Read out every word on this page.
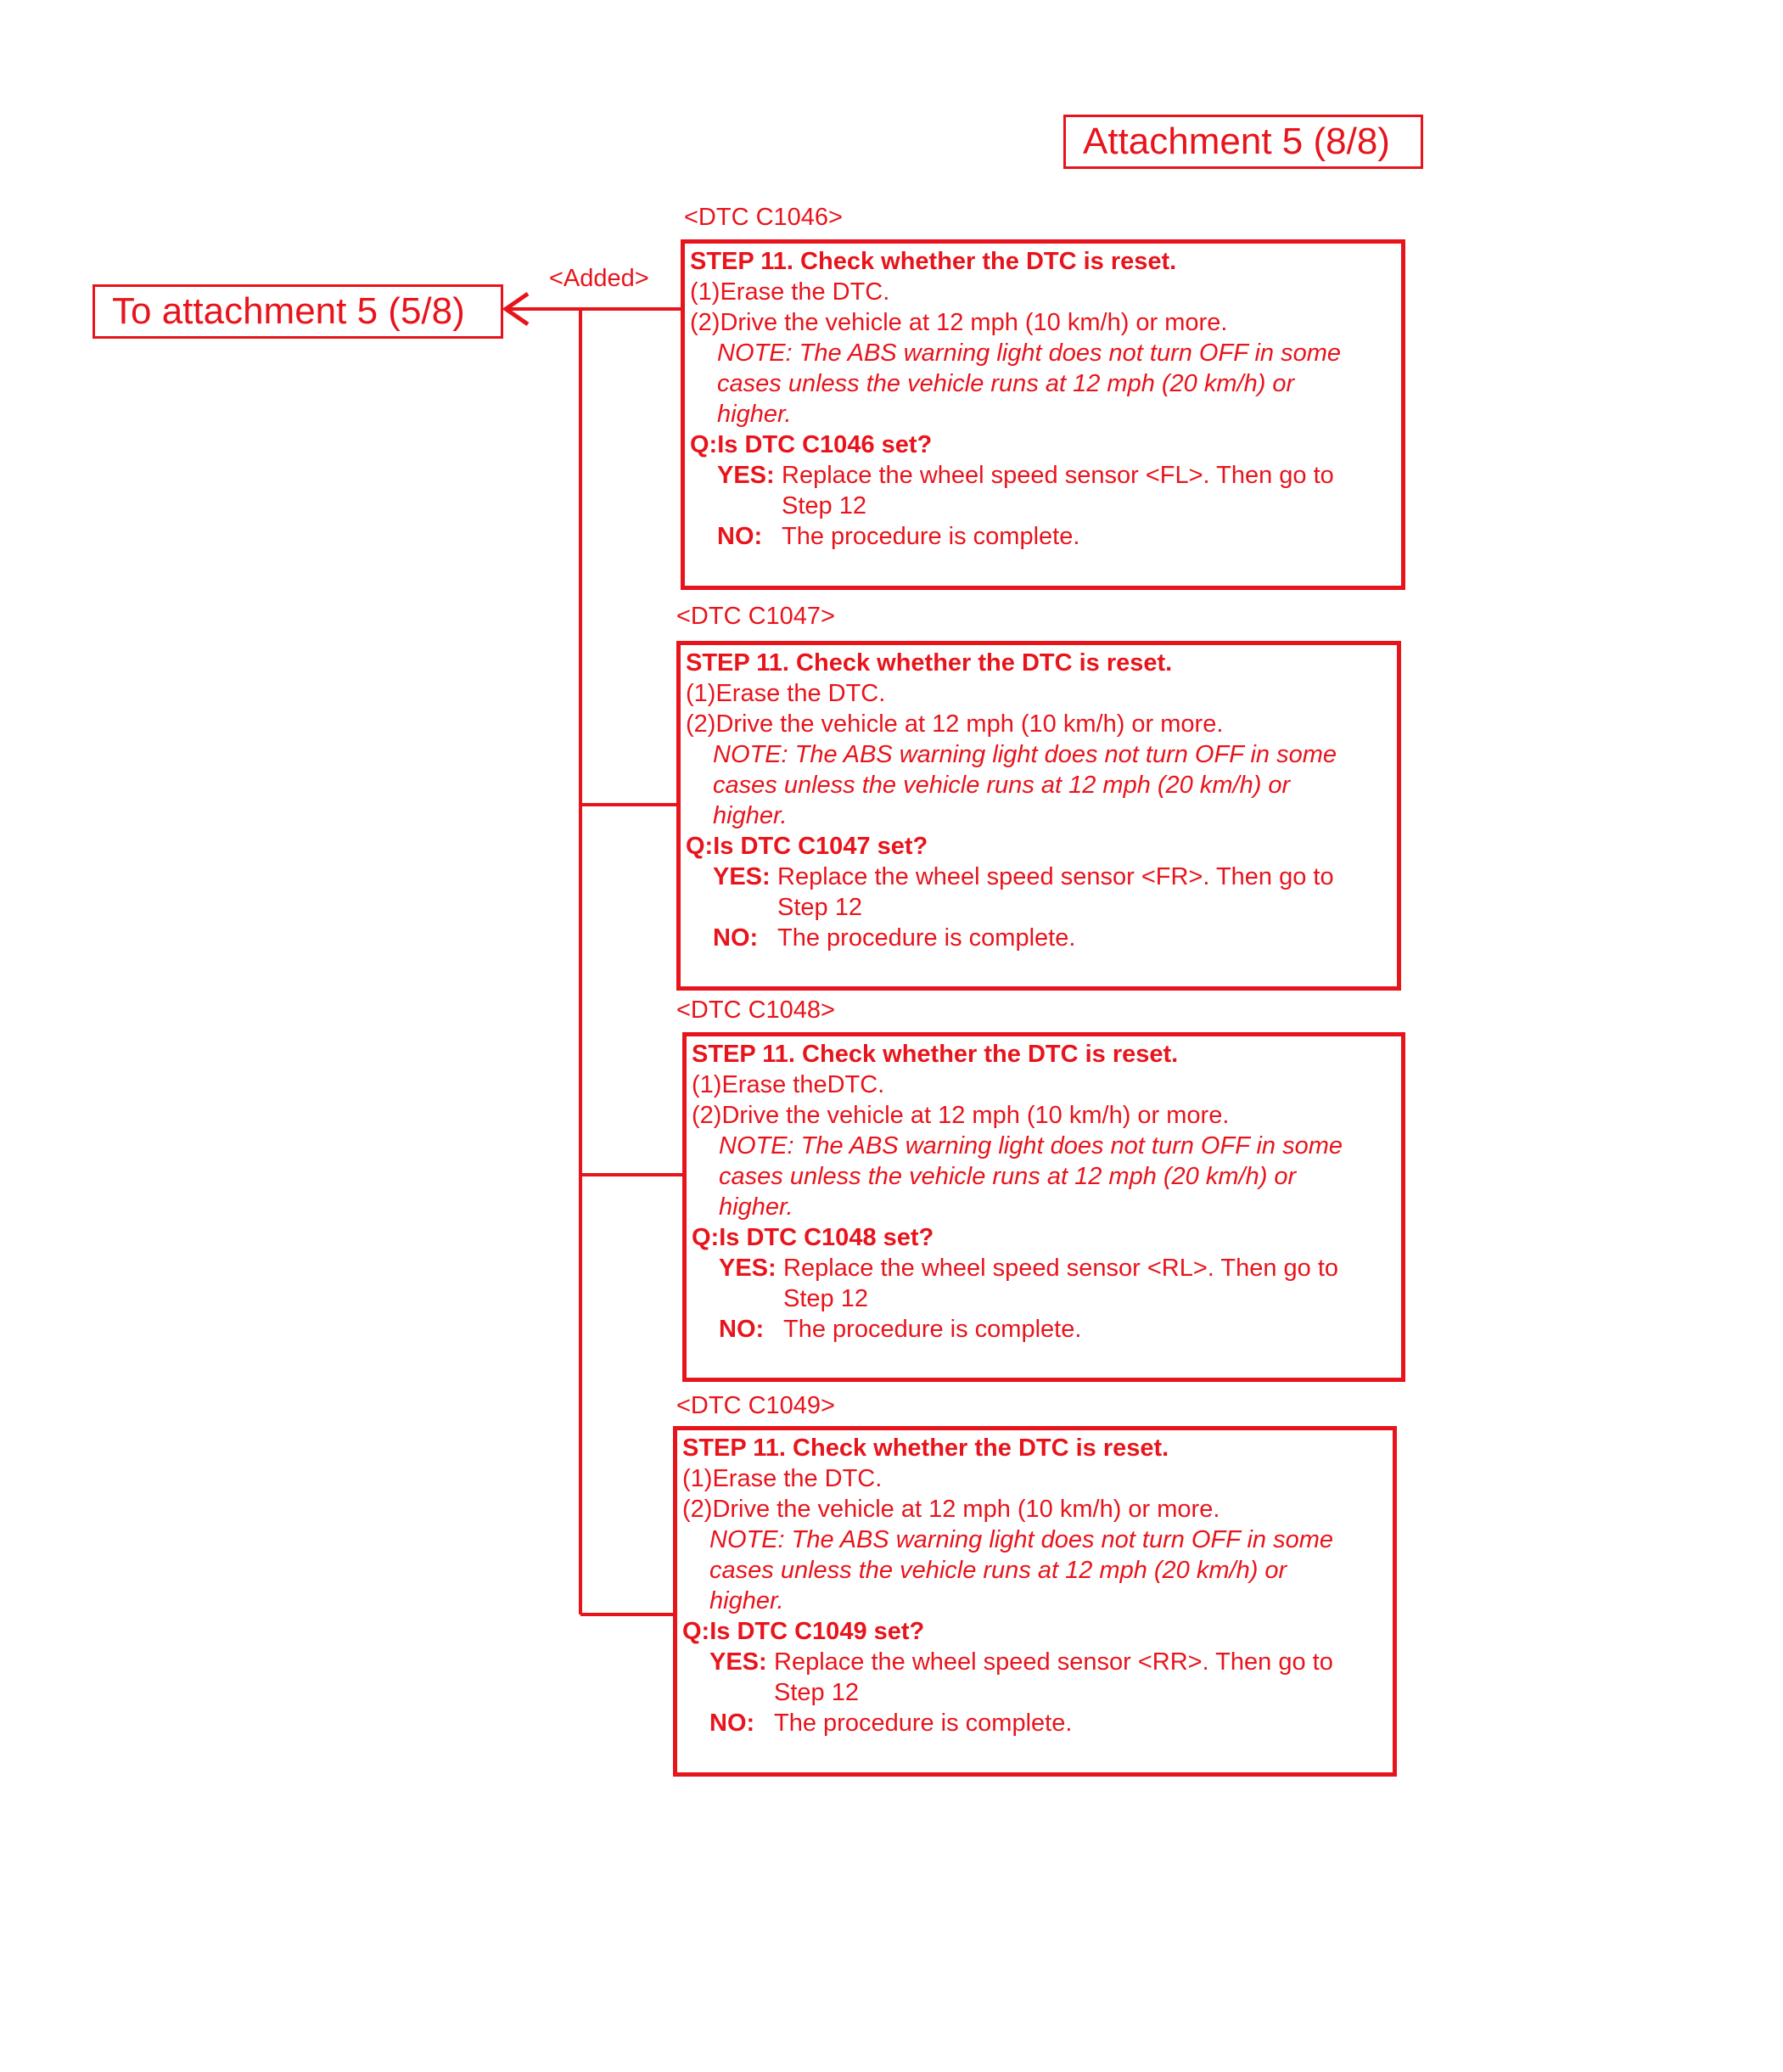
Attachment 5 (8/8)
To attachment 5 (5/8)
<Added>
<DTC C1046>
<DTC C1047>
<DTC C1048>
<DTC C1049>
STEP 11. Check whether the DTC is reset.
(1)Erase the DTC.
(2)Drive the vehicle at 12 mph (10 km/h) or more.
NOTE: The ABS warning light does not turn OFF in some
cases unless the vehicle runs at 12 mph (20 km/h) or
higher.
Q:Is DTC C1046 set?
YES: Replace the wheel speed sensor <FL>. Then go to
Step 12
NO: The procedure is complete.
STEP 11. Check whether the DTC is reset.
(1)Erase the DTC.
(2)Drive the vehicle at 12 mph (10 km/h) or more.
NOTE: The ABS warning light does not turn OFF in some
cases unless the vehicle runs at 12 mph (20 km/h) or
higher.
Q:Is DTC C1047 set?
YES: Replace the wheel speed sensor <FR>. Then go to
Step 12
NO: The procedure is complete.
STEP 11. Check whether the DTC is reset.
(1)Erase theDTC.
(2)Drive the vehicle at 12 mph (10 km/h) or more.
NOTE: The ABS warning light does not turn OFF in some
cases unless the vehicle runs at 12 mph (20 km/h) or
higher.
Q:Is DTC C1048 set?
YES: Replace the wheel speed sensor <RL>. Then go to
Step 12
NO: The procedure is complete.
STEP 11. Check whether the DTC is reset.
(1)Erase the DTC.
(2)Drive the vehicle at 12 mph (10 km/h) or more.
NOTE: The ABS warning light does not turn OFF in some
cases unless the vehicle runs at 12 mph (20 km/h) or
higher.
Q:Is DTC C1049 set?
YES: Replace the wheel speed sensor <RR>. Then go to
Step 12
NO: The procedure is complete.
